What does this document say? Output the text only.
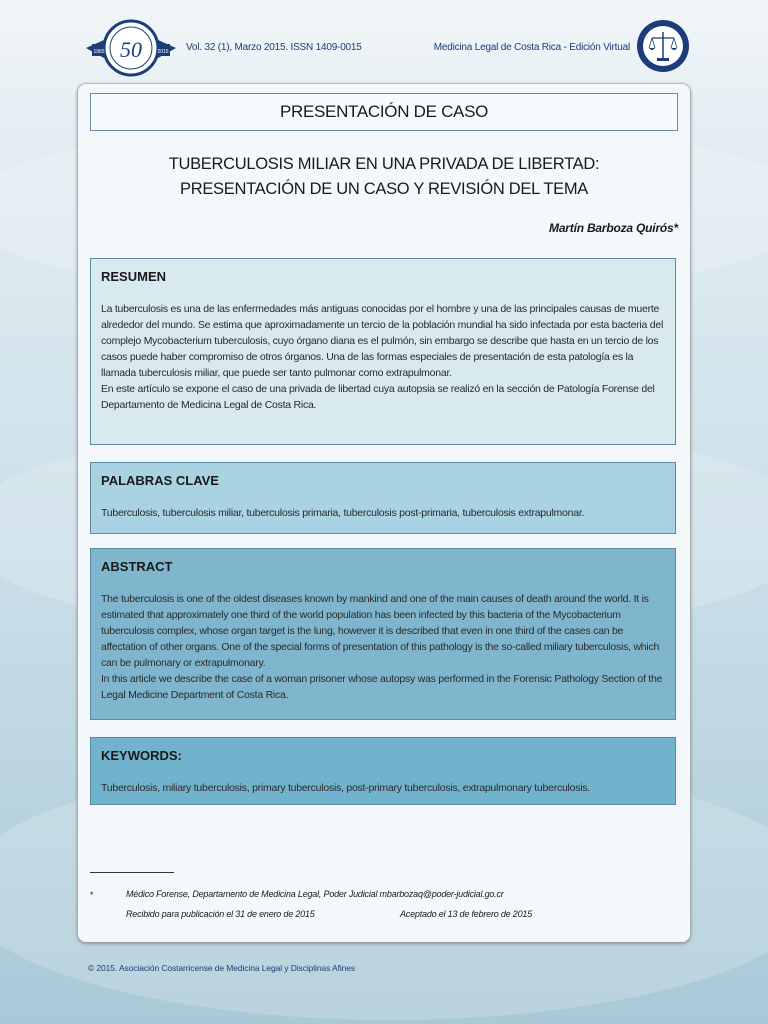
50
1965	2015 Vol. 32 (1), Marzo 2015. ISSN 1409-0015	Medicina Legal de Costa Rica - Edición Virtual
PRESENTACIÓN DE CASO
TUBERCULOSIS MILIAR EN UNA PRIVADA DE LIBERTAD:
PRESENTACIÓN DE UN CASO Y REVISIÓN DEL TEMA
Martín Barboza Quirós*
RESUMEN

La tuberculosis es una de las enfermedades más antiguas conocidas por el hombre y una de las principales causas de muerte alrededor del mundo. Se estima que aproximadamente un tercio de la población mundial ha sido infectada por esta bacteria del complejo Mycobacterium tuberculosis, cuyo órgano diana es el pulmón, sin embargo se describe que hasta en un tercio de los casos puede haber compromiso de otros órganos. Una de las formas especiales de presentación de esta patología es la llamada tuberculosis miliar, que puede ser tanto pulmonar como extrapulmonar.

En este artículo se expone el caso de una privada de libertad cuya autopsia se realizó en la sección de Patología Forense del Departamento de Medicina Legal de Costa Rica.

PALABRAS CLAVE

Tuberculosis, tuberculosis miliar, tuberculosis primaria, tuberculosis post-primaria, tuberculosis extrapulmonar.

ABSTRACT

The tuberculosis is one of the oldest diseases known by mankind and one of the main causes of death around the world. It is estimated that approximately one third of the world population has been infected by this bacteria of the Mycobacterium tuberculosis complex, whose organ target is the lung, however it is described that even in one third of the cases can be affectation of other organs. One of the special forms of presentation of this pathology is the so-called miliary tuberculosis, which can be pulmonary or extrapulmonary.

In this article we describe the case of a woman prisoner whose autopsy was performed in the Forensic Pathology Section of the Legal Medicine Department of Costa Rica.

KEYWORDS:

Tuberculosis, miliary tuberculosis, primary tuberculosis, post-primary tuberculosis, extrapulmonary tuberculosis.

*	Médico Forense, Departamento de Medicina Legal, Poder Judicial mbarbozaq@poder-judicial.go.cr
Recibido para publicación el 31 de enero de 2015	Aceptado el 13 de febrero de 2015
© 2015. Asociación Costarricense de Medicina Legal y Disciplinas Afines
